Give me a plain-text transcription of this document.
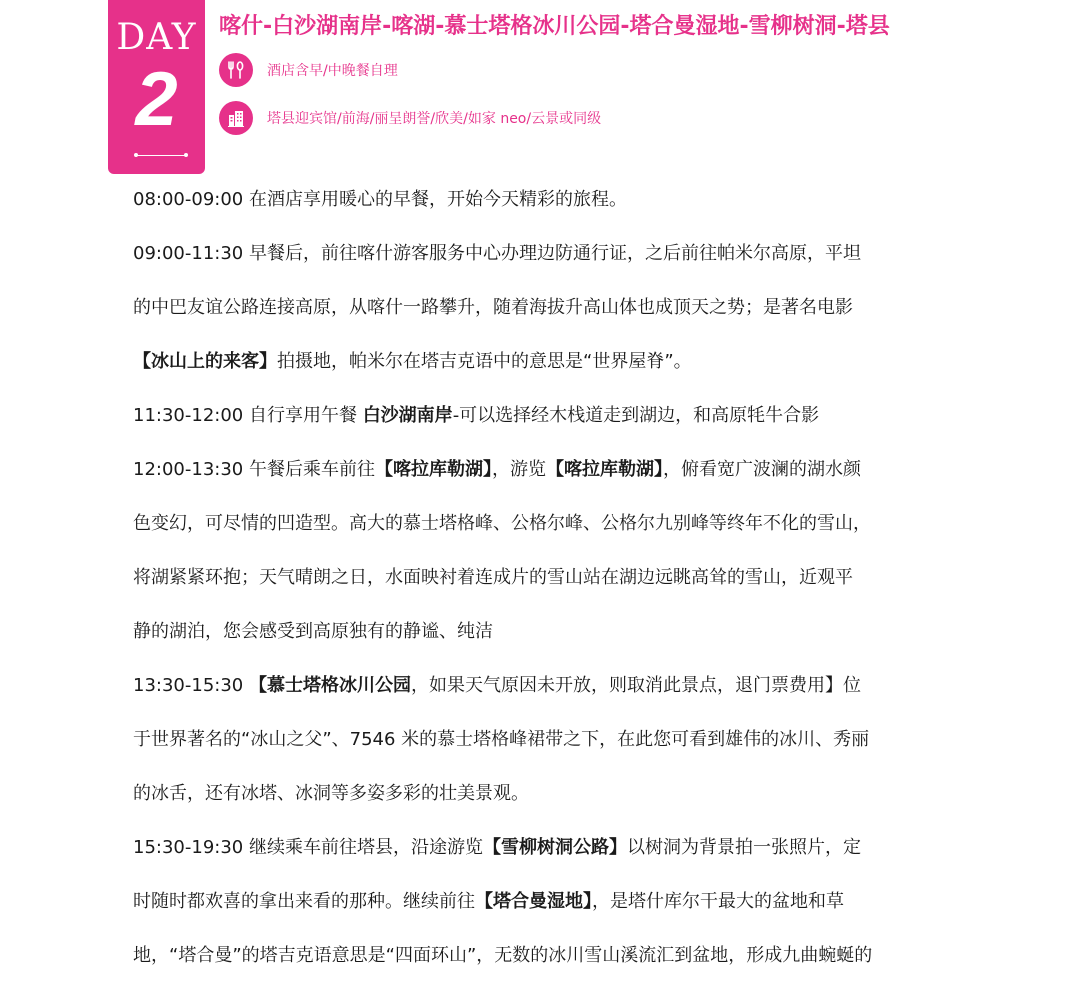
DAY
2
喀什-白沙湖南岸-喀湖-慕士塔格冰川公园-塔合曼湿地-雪柳树洞-塔县
酒店含早/中晚餐自理
塔县迎宾馆/前海/丽呈朗誉/欣美/如家 neo/云景或同级
08:00-09:00 在酒店享用暖心的早餐，开始今天精彩的旅程。
09:00-11:30 早餐后，前往喀什游客服务中心办理边防通行证，之后前往帕米尔高原，平坦
的中巴友谊公路连接高原，从喀什一路攀升，随着海拔升高山体也成顶天之势；是著名电影
【冰山上的来客】拍摄地，帕米尔在塔吉克语中的意思是“世界屋脊”。
11:30-12:00 自行享用午餐 白沙湖南岸-可以选择经木栈道走到湖边，和高原牦牛合影
12:00-13:30 午餐后乘车前往【喀拉库勒湖】，游览【喀拉库勒湖】，俯看宽广波澜的湖水颜
色变幻，可尽情的凹造型。高大的慕士塔格峰、公格尔峰、公格尔九别峰等终年不化的雪山，
将湖紧紧环抱；天气晴朗之日，水面映衬着连成片的雪山站在湖边远眺高耸的雪山，近观平
静的湖泊，您会感受到高原独有的静谧、纯洁
13:30-15:30 【慕士塔格冰川公园，如果天气原因未开放，则取消此景点，退门票费用】位
于世界著名的“冰山之父”、7546 米的慕士塔格峰裙带之下，在此您可看到雄伟的冰川、秀丽
的冰舌，还有冰塔、冰洞等多姿多彩的壮美景观。
15:30-19:30 继续乘车前往塔县，沿途游览【雪柳树洞公路】以树洞为背景拍一张照片，定
时随时都欢喜的拿出来看的那种。继续前往【塔合曼湿地】，是塔什库尔干最大的盆地和草
地，“塔合曼”的塔吉克语意思是“四面环山”，无数的冰川雪山溪流汇到盆地，形成九曲蜿蜒的
